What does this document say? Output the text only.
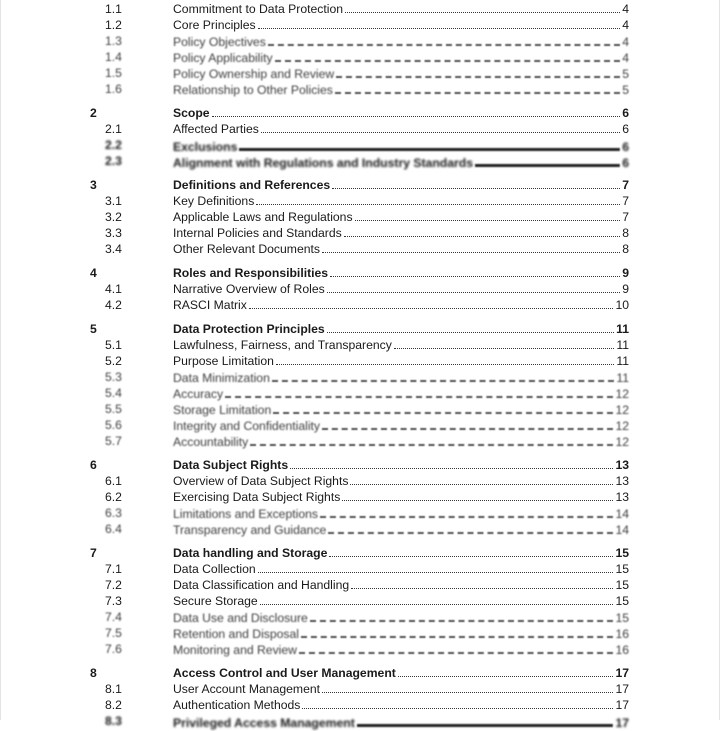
1.1	Commitment to Data Protection	4
1.2	Core Principles	4
1.3	Policy Objectives	4
1.4	Policy Applicability	4
1.5	Policy Ownership and Review	5
1.6	Relationship to Other Policies	5
2	Scope	6
2.1	Affected Parties	6
2.2	Exclusions	6
2.3	Alignment with Regulations and Industry Standards	6
3	Definitions and References	7
3.1	Key Definitions	7
3.2	Applicable Laws and Regulations	7
3.3	Internal Policies and Standards	8
3.4	Other Relevant Documents	8
4	Roles and Responsibilities	9
4.1	Narrative Overview of Roles	9
4.2	RASCI Matrix	10
5	Data Protection Principles	11
5.1	Lawfulness, Fairness, and Transparency	11
5.2	Purpose Limitation	11
5.3	Data Minimization	11
5.4	Accuracy	12
5.5	Storage Limitation	12
5.6	Integrity and Confidentiality	12
5.7	Accountability	12
6	Data Subject Rights	13
6.1	Overview of Data Subject Rights	13
6.2	Exercising Data Subject Rights	13
6.3	Limitations and Exceptions	14
6.4	Transparency and Guidance	14
7	Data handling and Storage	15
7.1	Data Collection	15
7.2	Data Classification and Handling	15
7.3	Secure Storage	15
7.4	Data Use and Disclosure	15
7.5	Retention and Disposal	16
7.6	Monitoring and Review	16
8	Access Control and User Management	17
8.1	User Account Management	17
8.2	Authentication Methods	17
8.3	Privileged Access Management	17
